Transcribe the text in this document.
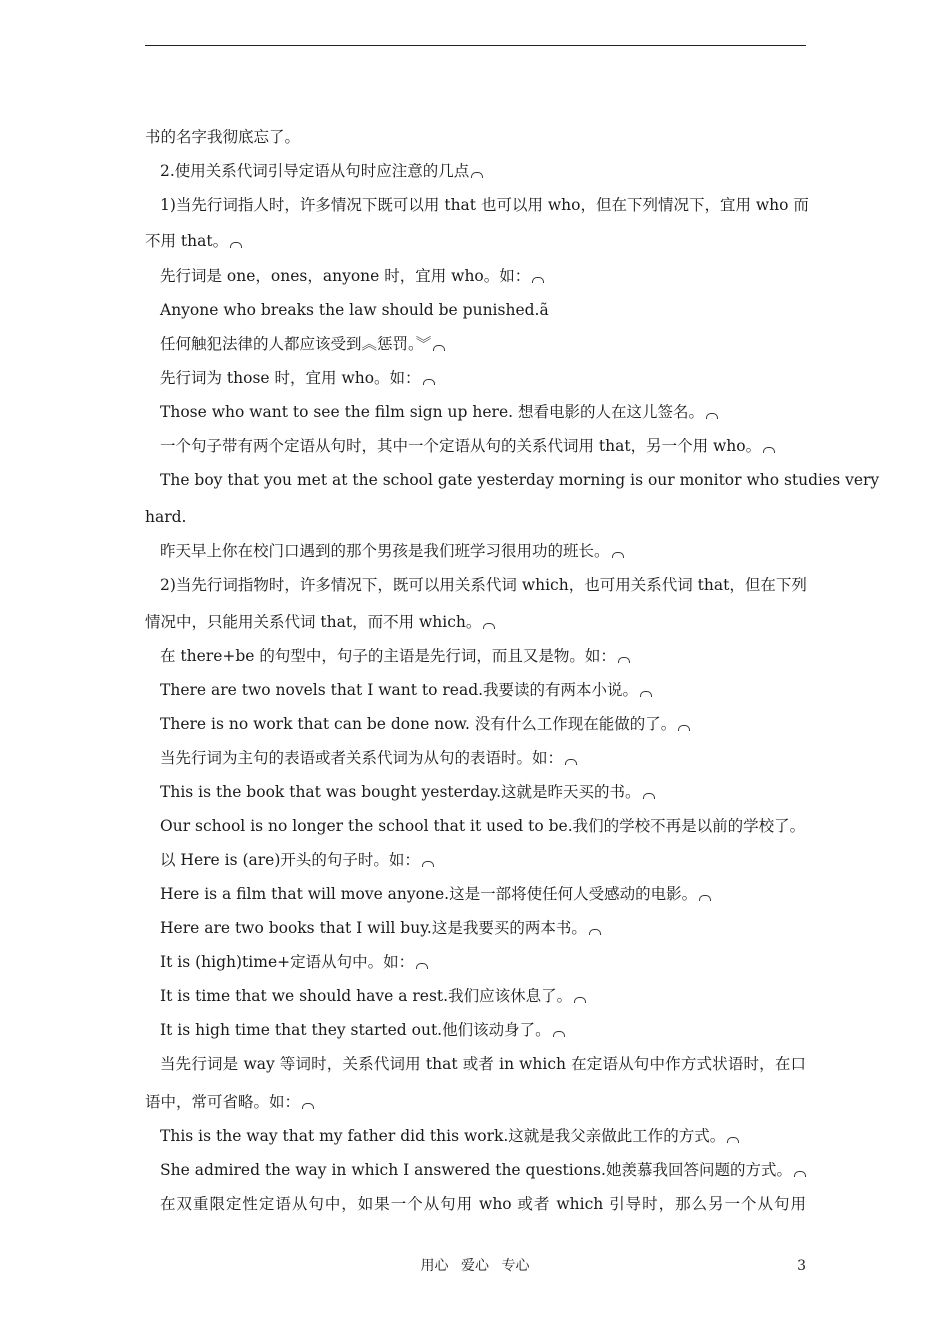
书的名字我彻底忘了。
2.使用关系代词引导定语从句时应注意的几点
1)当先行词指人时，许多情况下既可以用 that 也可以用 who，但在下列情况下，宜用 who 而
不用 that。
先行词是 one，ones，anyone 时，宜用 who。如：
Anyone who breaks the law should be punished.ã
任何触犯法律的人都应该受到︽惩罚。︾
先行词为 those 时，宜用 who。如：
Those who want to see the film sign up here. 想看电影的人在这儿签名。
一个句子带有两个定语从句时，其中一个定语从句的关系代词用 that，另一个用 who。
The boy that you met at the school gate yesterday morning is our monitor who studies very
hard.
昨天早上你在校门口遇到的那个男孩是我们班学习很用功的班长。
2)当先行词指物时，许多情况下，既可以用关系代词 which，也可用关系代词 that，但在下列
情况中，只能用关系代词 that，而不用 which。
在 there+be 的句型中，句子的主语是先行词，而且又是物。如：
There are two novels that I want to read.我要读的有两本小说。
There is no work that can be done now. 没有什么工作现在能做的了。
当先行词为主句的表语或者关系代词为从句的表语时。如：
This is the book that was bought yesterday.这就是昨天买的书。
Our school is no longer the school that it used to be.我们的学校不再是以前的学校了。
以 Here is (are)开头的句子时。如：
Here is a film that will move anyone.这是一部将使任何人受感动的电影。
Here are two books that I will buy.这是我要买的两本书。
It is (high)time+定语从句中。如：
It is time that we should have a rest.我们应该休息了。
It is high time that they started out.他们该动身了。
当先行词是 way 等词时，关系代词用 that 或者 in which 在定语从句中作方式状语时，在口
语中，常可省略。如：
This is the way that my father did this work.这就是我父亲做此工作的方式。
She admired the way in which I answered the questions.她羡慕我回答问题的方式。
在双重限定性定语从句中，如果一个从句用 who 或者 which 引导时，那么另一个从句用
用心 爱心 专心	3
